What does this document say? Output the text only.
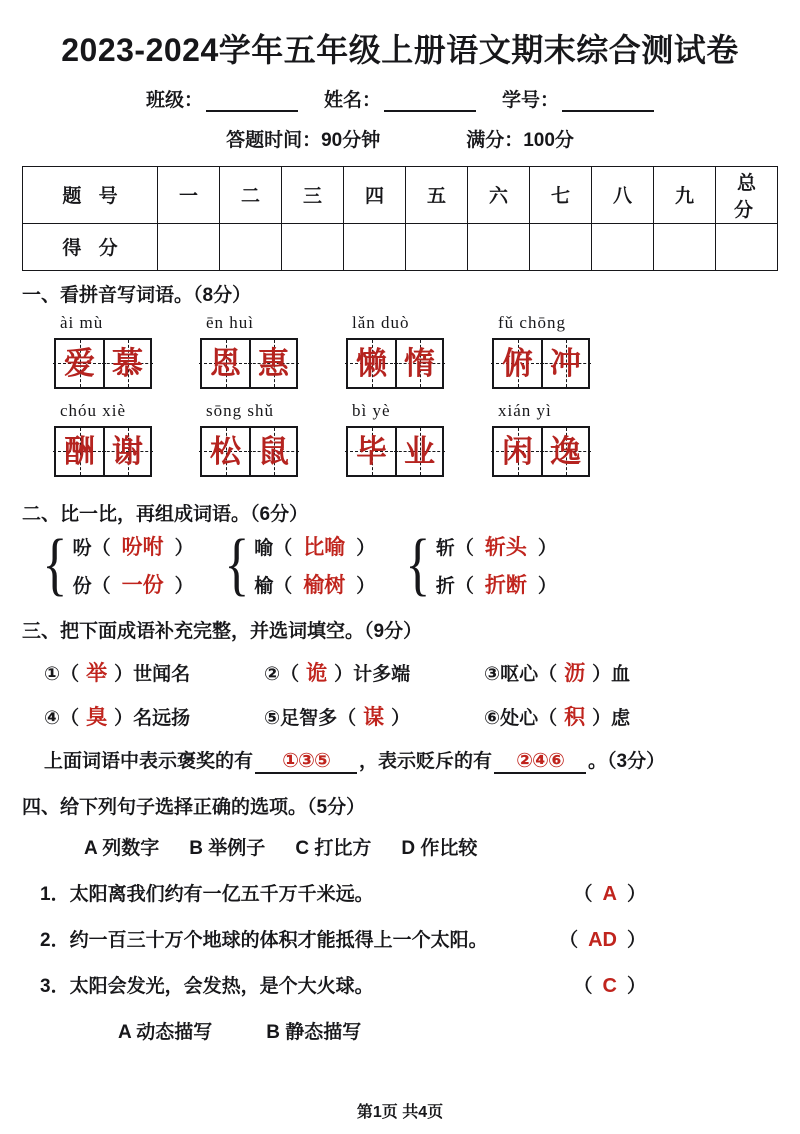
2023-2024学年五年级上册语文期末综合测试卷
班级：	姓名：	学号：
答题时间：90分钟	满分：100分
题 号	一	二	三	四	五	六	七	八	九	总 分
得 分										
一、看拼音写词语。（8分）
ài mù
爱 慕
ēn huì
恩 惠
lǎn duò
懒 惰
fǔ chōng
俯 冲
chóu xiè
酬 谢
sōng shǔ
松 鼠
bì yè
毕 业
xián yì
闲 逸
二、比一比，再组成词语。（6分）
{ 吩（ 吩咐 ）
份（ 一份 ） { 喻（ 比喻 ）
榆（ 榆树 ） { 斩（ 斩头 ）
折（ 折断 ）
三、把下面成语补充完整，并选词填空。（9分）
①（ 举 ）世闻名	②（ 诡 ）计多端	③呕心（ 沥 ）血
④（ 臭 ）名远扬	⑤足智多（ 谋 ）	⑥处心（ 积 ）虑
上面词语中表示褒奖的有	①③⑤	，表示贬斥的有	②④⑥	。（3分）
四、给下列句子选择正确的选项。（5分）
A 列数字 B 举例子 C 打比方 D 作比较
1．太阳离我们约有一亿五千万千米远。	（ A ）
2．约一百三十万个地球的体积才能抵得上一个太阳。	（ AD ）
3．太阳会发光，会发热，是个大火球。	（ C ）
A 动态描写	B 静态描写
第1页 共4页
